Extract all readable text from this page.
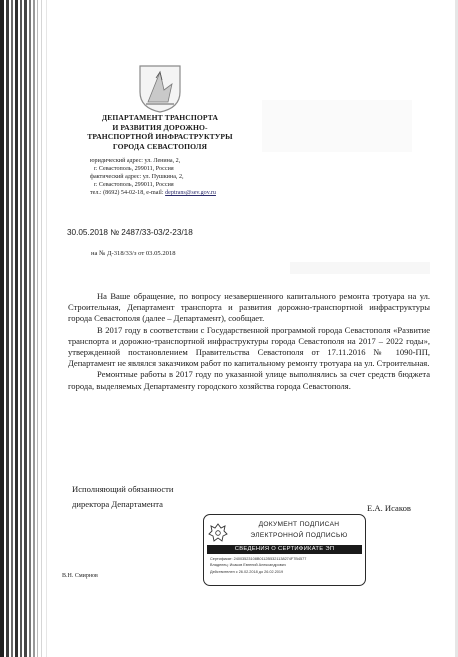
ДЕПАРТАМЕНТ ТРАНСПОРТА
И РАЗВИТИЯ ДОРОЖНО-
ТРАНСПОРТНОЙ ИНФРАСТРУКТУРЫ
ГОРОДА СЕВАСТОПОЛЯ
юридический адрес: ул. Ленина, 2,
г. Севастополь, 299011, Россия
фактический адрес: ул. Пушкина, 2,
г. Севастополь, 299011, Россия
тел.: (8692) 54-02-18, e-mail: deptrans@sev.gov.ru
30.05.2018 № 2487/33-03/2-23/18
на № Д-318/33/з от 03.05.2018

На Ваше обращение, по вопросу незавершенного капитального ремонта тротуара на ул. Строительная, Департамент транспорта и развития дорожно-транспортной инфраструктуры города Севастополя (далее – Департамент), сообщает.

В 2017 году в соответствии с Государственной программой города Севастополя «Развитие транспорта и дорожно-транспортной инфраструктуры города Севастополя на 2017 – 2022 годы», утвержденной постановлением Правительства Севастополя от 17.11.2016 № 1090-ПП, Департамент не являлся заказчиком работ по капитальному ремонту тротуара на ул. Строительная.

Ремонтные работы в 2017 году по указанной улице выполнялись за счет средств бюджета города, выделяемых Департаменту городского хозяйства города Севастополя.

Исполняющий обязанности
директора Департамента	Е.А. Исаков
ДОКУМЕНТ ПОДПИСАН
ЭЛЕКТРОННОЙ ПОДПИСЬЮ
СВЕДЕНИЯ О СЕРТИФИКАТЕ ЭП
Сертификат: 24003523108B0112B5321138274F7B4577
Владелец: Исаков Евгений Александрович
Действителен с 26.02.2018 до 26.02.2019
В.Н. Смирнов
